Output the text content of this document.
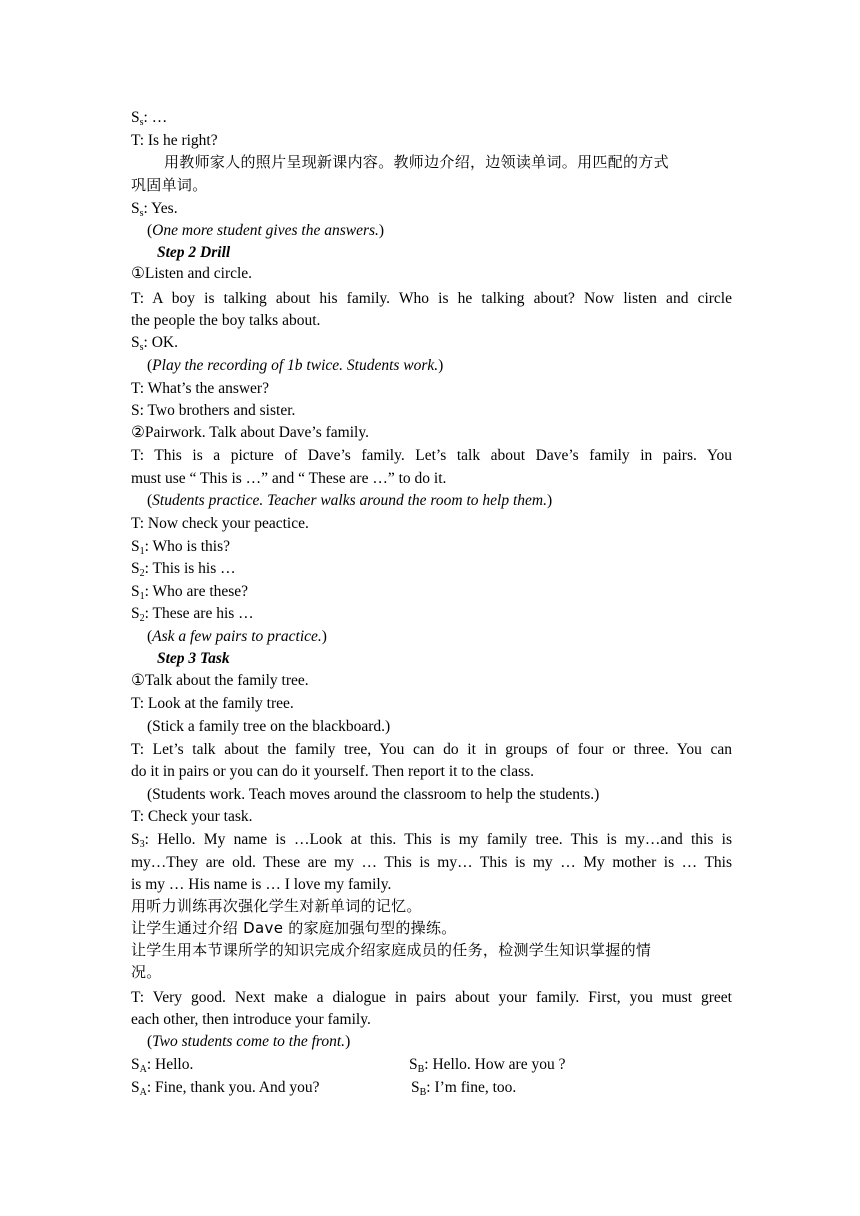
$S_s$: …
T: Is he right?
用教师家人的照片呈现新课内容。教师边介绍，边领读单词。用匹配的方式
巩固单词。
$S_s$: Yes.
(One more student gives the answers.)
Step 2 Drill
①Listen and circle.
T: A boy is talking about his family. Who is he talking about? Now listen and circle
the people the boy talks about.
$S_s$: OK.
(Play the recording of 1b twice. Students work.)
T: What’s the answer?
S: Two brothers and sister.
②Pairwork. Talk about Dave’s family.
T: This is a picture of Dave’s family. Let’s talk about Dave’s family in pairs. You
must use “ This is …” and “ These are …” to do it.
(Students practice. Teacher walks around the room to help them.)
T: Now check your peactice.
$S_1$: Who is this?
$S_2$: This is his …
$S_1$: Who are these?
$S_2$: These are his …
(Ask a few pairs to practice.)
Step 3 Task
①Talk about the family tree.
T: Look at the family tree.
(Stick a family tree on the blackboard.)
T: Let’s talk about the family tree, You can do it in groups of four or three. You can
do it in pairs or you can do it yourself. Then report it to the class.
(Students work. Teach moves around the classroom to help the students.)
T: Check your task.
$S_3$: Hello. My name is …Look at this. This is my family tree. This is my…and this is
my…They are old. These are my … This is my… This is my … My mother is … This
is my … His name is … I love my family.
用听力训练再次强化学生对新单词的记忆。
让学生通过介绍 Dave 的家庭加强句型的操练。
让学生用本节课所学的知识完成介绍家庭成员的任务，检测学生知识掌握的情
况。
T: Very good. Next make a dialogue in pairs about your family. First, you must greet
each other, then introduce your family.
(Two students come to the front.)
$S_A$: Hello.	$S_B$: Hello. How are you ?
$S_A$: Fine, thank you. And you?	$S_B$: I’m fine, too.
